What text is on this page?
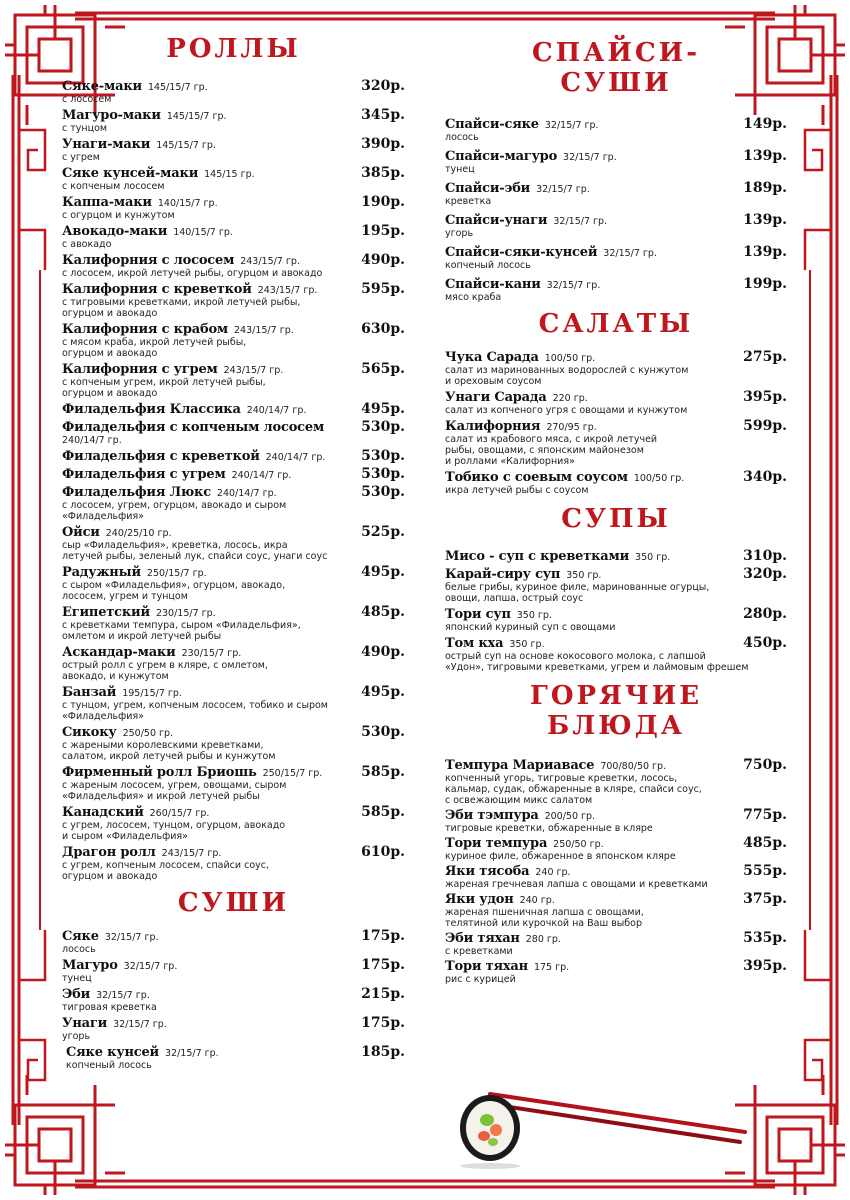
РОЛЛЫ
Сяке-маки 145/15/7 гр.	320р.
с лососем
Магуро-маки 145/15/7 гр.	345р.
с тунцом
Унаги-маки 145/15/7 гр.	390р.
с угрем
Сяке кунсей-маки 145/15 гр.	385р.
с копченым лососем
Каппа-маки 140/15/7 гр.	190р.
с огурцом и кунжутом
Авокадо-маки 140/15/7 гр.	195р.
с авокадо
Калифорния с лососем 243/15/7 гр.	490р.
с лососем, икрой летучей рыбы, огурцом и авокадо
Калифорния с креветкой 243/15/7 гр.	595р.
с тигровыми креветками, икрой летучей рыбы,
огурцом и авокадо
Калифорния с крабом 243/15/7 гр.	630р.
с мясом краба, икрой летучей рыбы,
огурцом и авокадо
Калифорния с угрем 243/15/7 гр.	565р.
с копченым угрем, икрой летучей рыбы,
огурцом и авокадо
Филадельфия Классика 240/14/7 гр.	495р.
Филадельфия с копченым лососем	530р.
240/14/7 гр.
Филадельфия с креветкой 240/14/7 гр.	530р.
Филадельфия с угрем 240/14/7 гр.	530р.
Филадельфия Люкс 240/14/7 гр.	530р.
с лососем, угрем, огурцом, авокадо и сыром
«Филадельфия»
Ойси 240/25/10 гр.	525р.
сыр «Филадельфия», креветка, лосось, икра
летучей рыбы, зеленый лук, спайси соус, унаги соус
Радужный 250/15/7 гр.	495р.
с сыром «Филадельфия», огурцом, авокадо,
лососем, угрем и тунцом
Египетский 230/15/7 гр.	485р.
с креветками темпура, сыром «Филадельфия»,
омлетом и икрой летучей рыбы
Аскандар-маки 230/15/7 гр.	490р.
острый ролл с угрем в кляре, с омлетом,
авокадо, и кунжутом
Банзай 195/15/7 гр.	495р.
с тунцом, угрем, копченым лососем, тобико и сыром
«Филадельфия»
Сикоку 250/50 гр.	530р.
с жареными королевскими креветками,
салатом, икрой летучей рыбы и кунжутом
Фирменный ролл Бриошь 250/15/7 гр.	585р.
с жареным лососем, угрем, овощами, сыром
«Филадельфия» и икрой летучей рыбы
Канадский 260/15/7 гр.	585р.
с угрем, лососем, тунцом, огурцом, авокадо
и сыром «Филадельфия»
Драгон ролл 243/15/7 гр.	610р.
с угрем, копченым лососем, спайси соус,
огурцом и авокадо
СУШИ
Сяке 32/15/7 гр.	175р.
лосось
Магуро 32/15/7 гр.	175р.
тунец
Эби 32/15/7 гр.	215р.
тигровая креветка
Унаги 32/15/7 гр.	175р.
угорь
Сяке кунсей 32/15/7 гр.	185р.
копченый лосось
СПАЙСИ-
СУШИ
Спайси-сяке 32/15/7 гр.	149р.
лосось
Спайси-магуро 32/15/7 гр.	139р.
тунец
Спайси-эби 32/15/7 гр.	189р.
креветка
Спайси-унаги 32/15/7 гр.	139р.
угорь
Спайси-сяки-кунсей 32/15/7 гр.	139р.
копченый лосось
Спайси-кани 32/15/7 гр.	199р.
мясо краба
САЛАТЫ
Чука Сарада 100/50 гр.	275р.
салат из маринованных водорослей с кунжутом
и ореховым соусом
Унаги Сарада 220 гр.	395р.
салат из копченого угря с овощами и кунжутом
Калифорния 270/95 гр.	599р.
салат из крабового мяса, с икрой летучей
рыбы, овощами, с японским майонезом
и роллами «Калифорния»
Тобико с соевым соусом 100/50 гр.	340р.
икра летучей рыбы с соусом
СУПЫ
Мисо - суп с креветками 350 гр.	310р.
Карай-сиру суп 350 гр.	320р.
белые грибы, куриное филе, маринованные огурцы,
овощи, лапша, острый соус
Тори суп 350 гр.	280р.
японский куриный суп с овощами
Том кха 350 гр.	450р.
острый суп на основе кокосового молока, с лапшой
«Удон», тигровыми креветками, угрем и лаймовым фрешем
ГОРЯЧИЕ
БЛЮДА
Темпура Мариавасе 700/80/50 гр.	750р.
копченный угорь, тигровые креветки, лосось,
кальмар, судак, обжаренные в кляре, спайси соус,
с освежающим микс салатом
Эби тэмпура 200/50 гр.	775р.
тигровые креветки, обжаренные в кляре
Тори темпура 250/50 гр.	485р.
куриное филе, обжаренное в японском кляре
Яки тясоба 240 гр.	555р.
жареная гречневая лапша с овощами и креветками
Яки удон 240 гр.	375р.
жареная пшеничная лапша с овощами,
телятиной или курочкой на Ваш выбор
Эби тяхан 280 гр.	535р.
с креветками
Тори тяхан 175 гр.	395р.
рис с курицей
